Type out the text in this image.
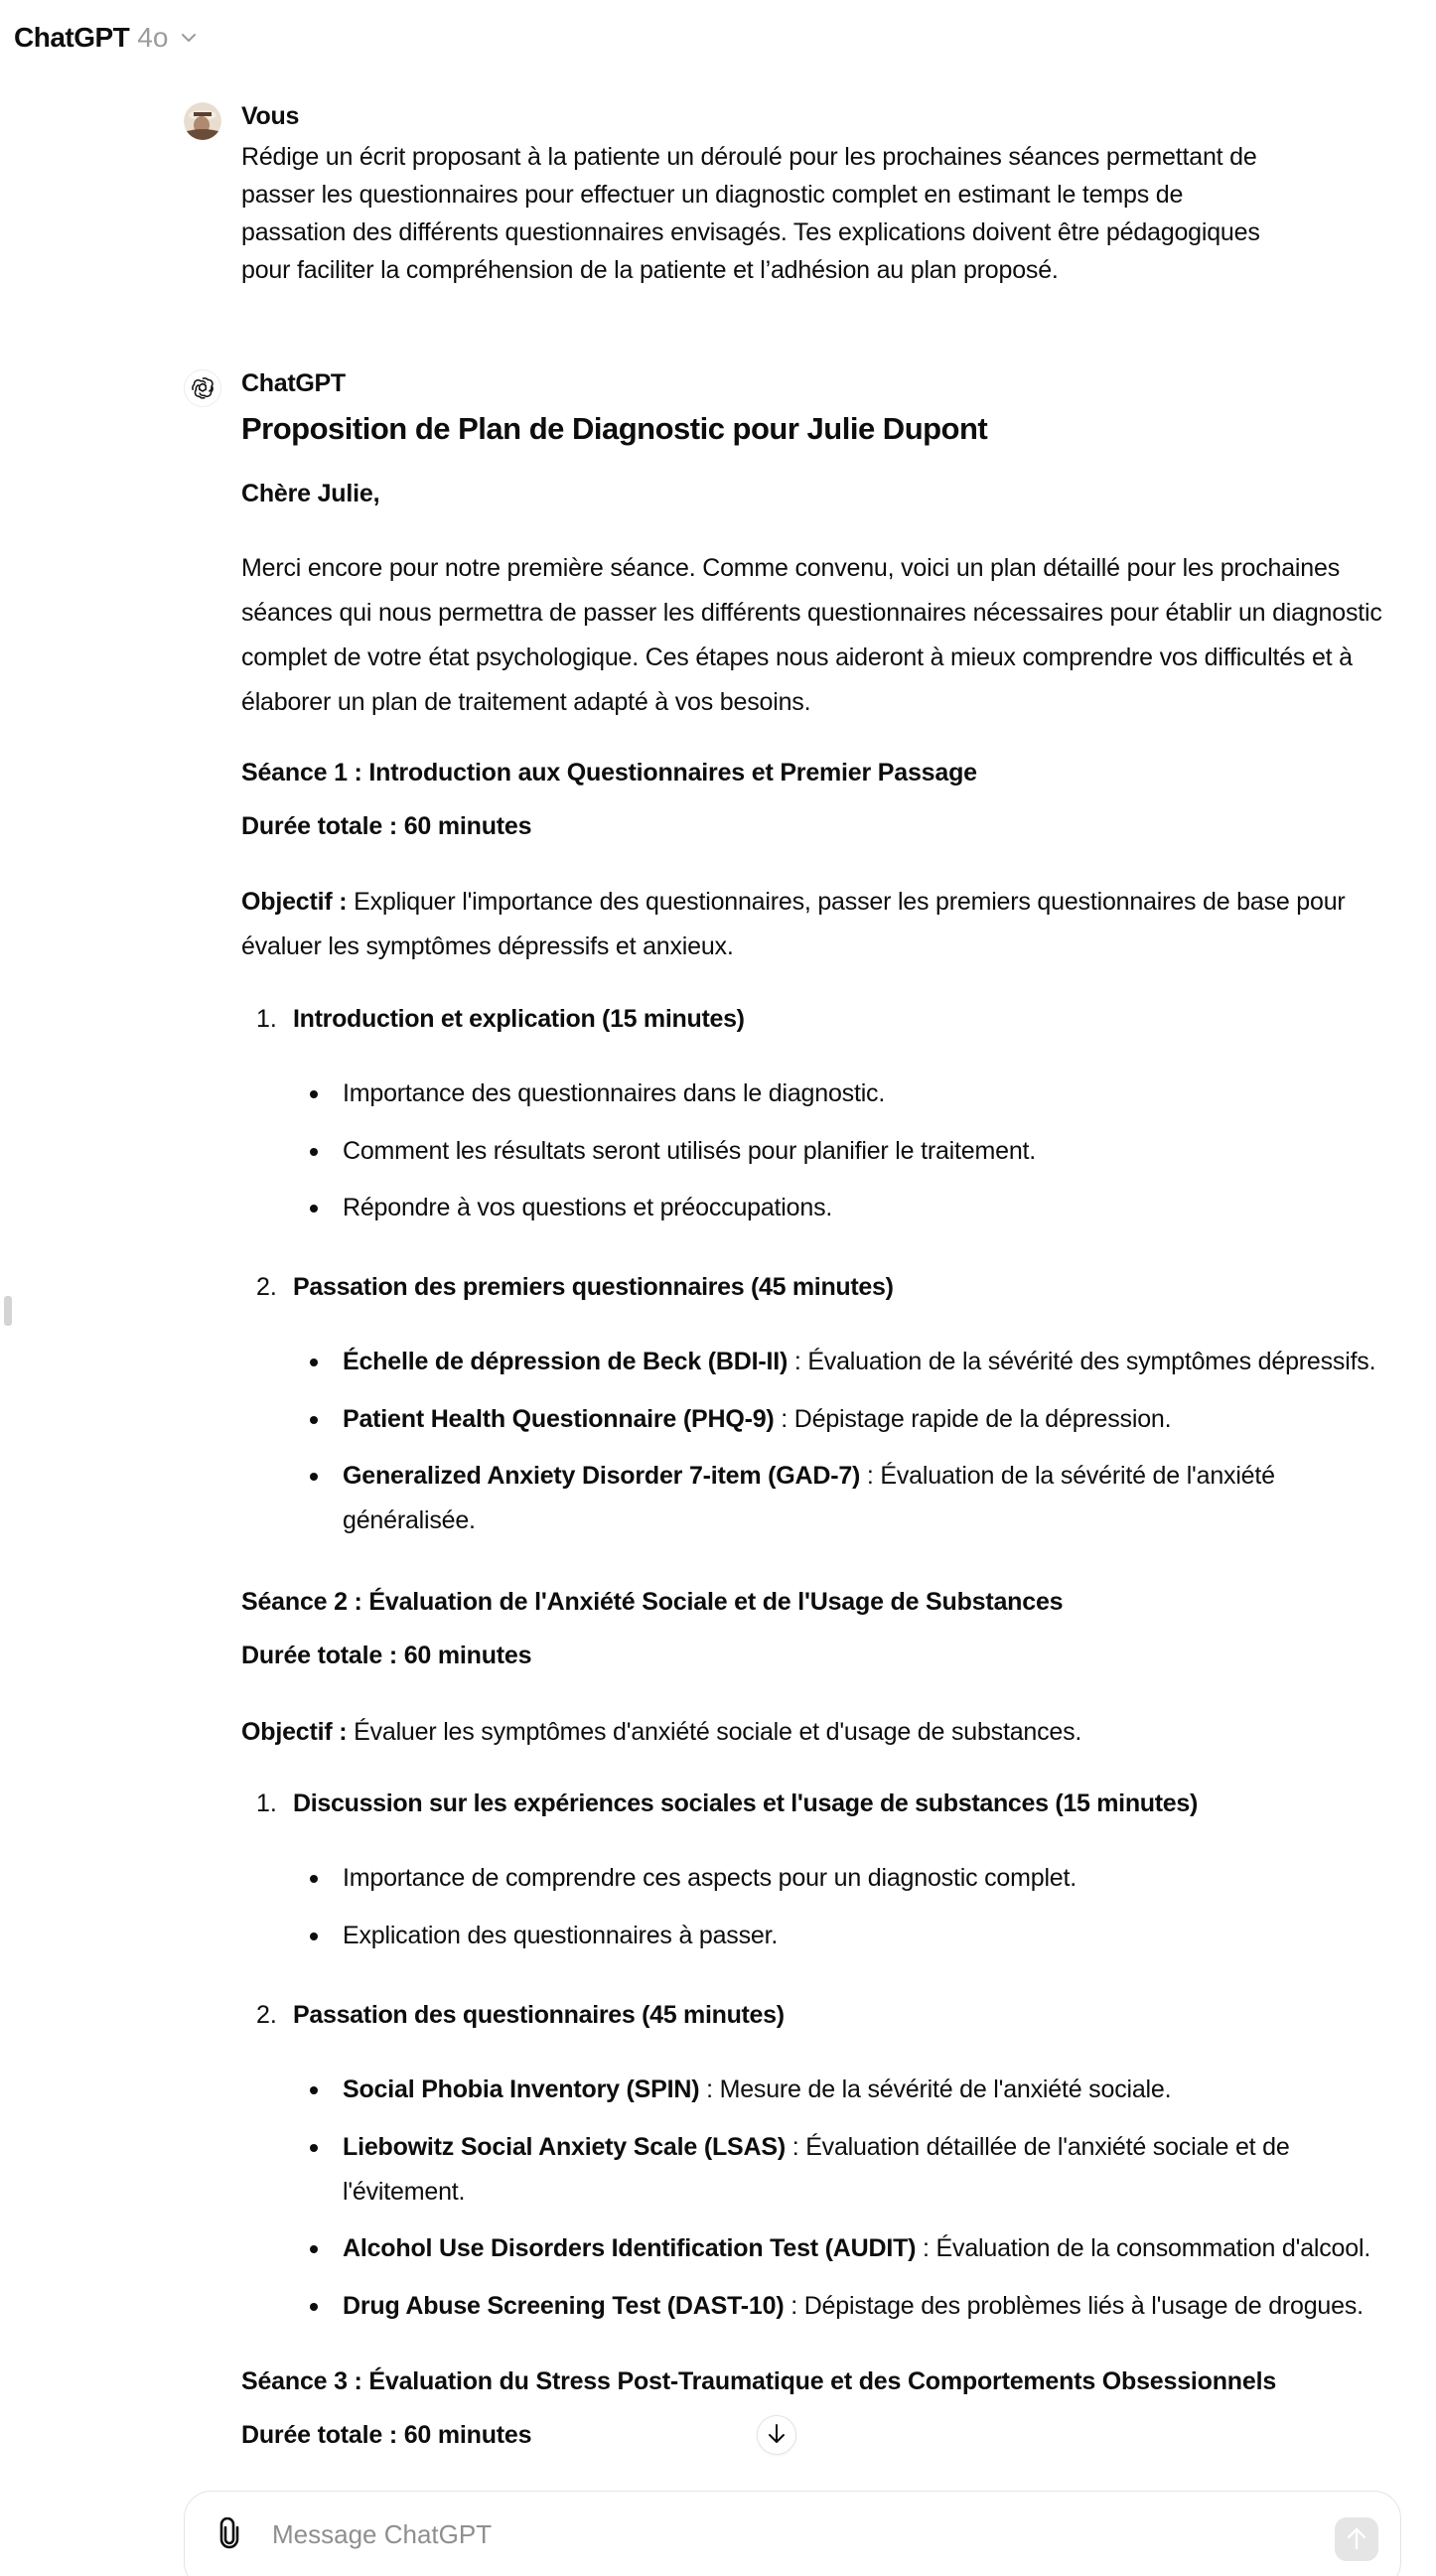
ChatGPT 4o
Vous
Rédige un écrit proposant à la patiente un déroulé pour les prochaines séances permettant de passer les questionnaires pour effectuer un diagnostic complet en estimant le temps de passation des différents questionnaires envisagés. Tes explications doivent être pédagogiques pour faciliter la compréhension de la patiente et l’adhésion au plan proposé.
ChatGPT
Proposition de Plan de Diagnostic pour Julie Dupont
Chère Julie,
Merci encore pour notre première séance. Comme convenu, voici un plan détaillé pour les prochaines séances qui nous permettra de passer les différents questionnaires nécessaires pour établir un diagnostic complet de votre état psychologique. Ces étapes nous aideront à mieux comprendre vos difficultés et à élaborer un plan de traitement adapté à vos besoins.
Séance 1 : Introduction aux Questionnaires et Premier Passage
Durée totale : 60 minutes
Objectif : Expliquer l'importance des questionnaires, passer les premiers questionnaires de base pour évaluer les symptômes dépressifs et anxieux.
1. Introduction et explication (15 minutes)
Importance des questionnaires dans le diagnostic.
Comment les résultats seront utilisés pour planifier le traitement.
Répondre à vos questions et préoccupations.
2. Passation des premiers questionnaires (45 minutes)
Échelle de dépression de Beck (BDI-II) : Évaluation de la sévérité des symptômes dépressifs.
Patient Health Questionnaire (PHQ-9) : Dépistage rapide de la dépression.
Generalized Anxiety Disorder 7-item (GAD-7) : Évaluation de la sévérité de l'anxiété généralisée.
Séance 2 : Évaluation de l'Anxiété Sociale et de l'Usage de Substances
Durée totale : 60 minutes
Objectif : Évaluer les symptômes d'anxiété sociale et d'usage de substances.
1. Discussion sur les expériences sociales et l'usage de substances (15 minutes)
Importance de comprendre ces aspects pour un diagnostic complet.
Explication des questionnaires à passer.
2. Passation des questionnaires (45 minutes)
Social Phobia Inventory (SPIN) : Mesure de la sévérité de l'anxiété sociale.
Liebowitz Social Anxiety Scale (LSAS) : Évaluation détaillée de l'anxiété sociale et de l'évitement.
Alcohol Use Disorders Identification Test (AUDIT) : Évaluation de la consommation d'alcool.
Drug Abuse Screening Test (DAST-10) : Dépistage des problèmes liés à l'usage de drogues.
Séance 3 : Évaluation du Stress Post-Traumatique et des Comportements Obsessionnels
Durée totale : 60 minutes
Message ChatGPT
